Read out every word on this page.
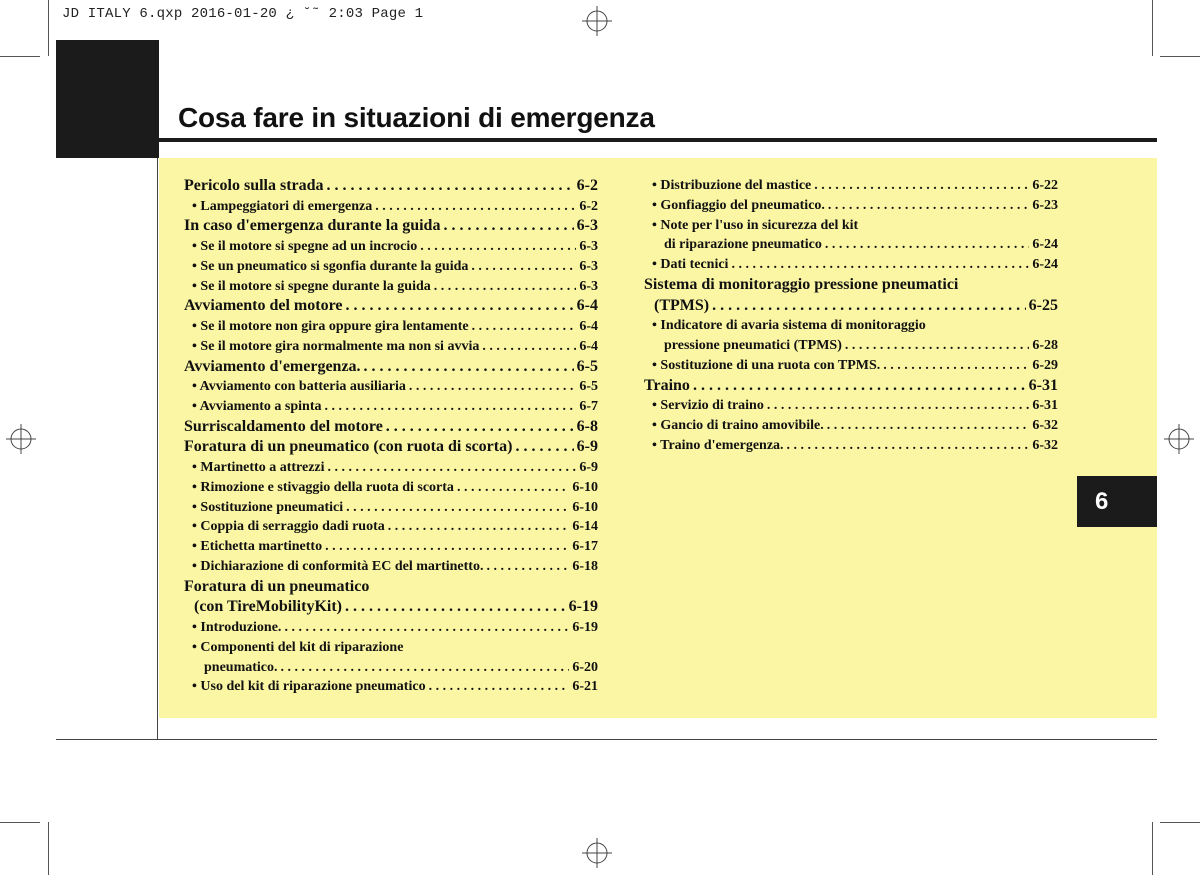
JD ITALY 6.qxp 2016-01-20 ¿ ˘˜ 2:03 Page 1
Cosa fare in situazioni di emergenza
Pericolo sulla strada . . .	6-2
• Lampeggiatori di emergenza . . .	6-2
In caso d'emergenza durante la guida . . .	6-3
• Se il motore si spegne ad un incrocio . . .	6-3
• Se un pneumatico si sgonfia durante la guida . . .	6-3
• Se il motore si spegne durante la guida . . .	6-3
Avviamento del motore . . .	6-4
• Se il motore non gira oppure gira lentamente . . .	6-4
• Se il motore gira normalmente ma non si avvia . . .	6-4
Avviamento d'emergenza. . . .	6-5
• Avviamento con batteria ausiliaria . . .	6-5
• Avviamento a spinta . . .	6-7
Surriscaldamento del motore . . .	6-8
Foratura di un pneumatico (con ruota di scorta) . . .	6-9
• Martinetto a attrezzi . . .	6-9
• Rimozione e stivaggio della ruota di scorta . . .	6-10
• Sostituzione pneumatici . . .	6-10
• Coppia di serraggio dadi ruota . . .	6-14
• Etichetta martinetto . . .	6-17
• Dichiarazione di conformità EC del martinetto. . . .	6-18
Foratura di un pneumatico
(con TireMobilityKit) . . .	6-19
• Introduzione. . . .	6-19
• Componenti del kit di riparazione
pneumatico. . . .	6-20
• Uso del kit di riparazione pneumatico . . .	6-21
• Distribuzione del mastice . . .	6-22
• Gonfiaggio del pneumatico. . . .	6-23
• Note per l'uso in sicurezza del kit
di riparazione pneumatico . . .	6-24
• Dati tecnici . . .	6-24
Sistema di monitoraggio pressione pneumatici
(TPMS) . . .	6-25
• Indicatore di avaria sistema di monitoraggio
pressione pneumatici (TPMS) . . .	6-28
• Sostituzione di una ruota con TPMS. . . .	6-29
Traino . . .	6-31
• Servizio di traino . . .	6-31
• Gancio di traino amovibile. . . .	6-32
• Traino d'emergenza. . . .	6-32
6
